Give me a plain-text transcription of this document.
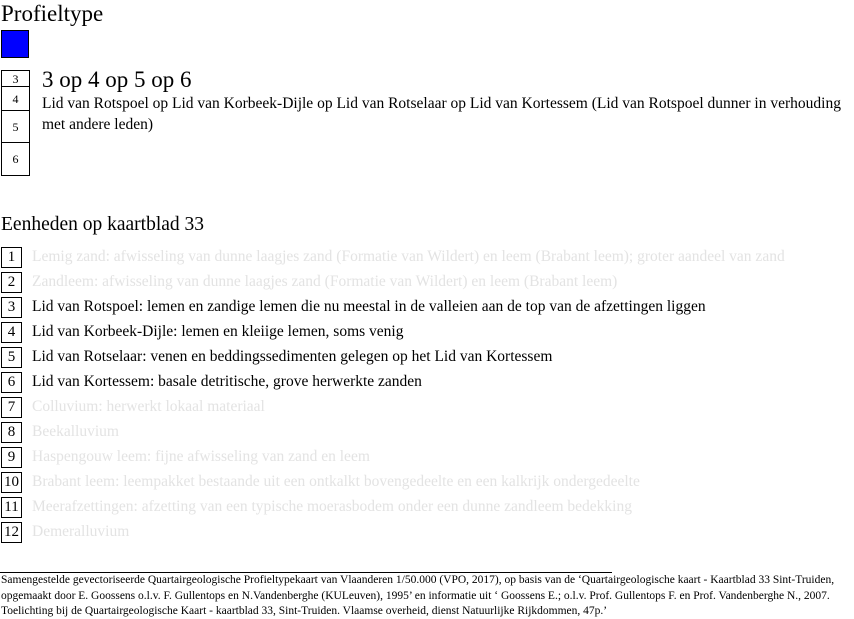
Profieltype
3
4
5
6
3 op 4 op 5 op 6
Lid van Rotspoel op Lid van Korbeek-Dijle op Lid van Rotselaar op Lid van Kortessem (Lid van Rotspoel dunner in verhouding met andere leden)
Eenheden op kaartblad 33
1	Lemig zand: afwisseling van dunne laagjes zand (Formatie van Wildert) en leem (Brabant leem); groter aandeel van zand
2	Zandleem: afwisseling van dunne laagjes zand (Formatie van Wildert) en leem (Brabant leem)
3	Lid van Rotspoel: lemen en zandige lemen die nu meestal in de valleien aan de top van de afzettingen liggen
4	Lid van Korbeek-Dijle: lemen en kleiige lemen, soms venig
5	Lid van Rotselaar: venen en beddingssedimenten gelegen op het Lid van Kortessem
6	Lid van Kortessem: basale detritische, grove herwerkte zanden
7	Colluvium: herwerkt lokaal materiaal
8	Beekalluvium
9	Haspengouw leem: fijne afwisseling van zand en leem
10 Brabant leem: leempakket bestaande uit een ontkalkt bovengedeelte en een kalkrijk ondergedeelte
11 Meerafzettingen: afzetting van een typische moerasbodem onder een dunne zandleem bedekking
12 Demeralluvium
Samengestelde gevectoriseerde Quartairgeologische Profieltypekaart van Vlaanderen 1/50.000 (VPO, 2017), op basis van de ‘Quartairgeologische kaart - Kaartblad 33 Sint-Truiden, opgemaakt door E. Goossens o.l.v. F. Gullentops en N.Vandenberghe (KULeuven), 1995’ en informatie uit ‘ Goossens E.; o.l.v. Prof. Gullentops F. en Prof. Vandenberghe N., 2007. Toelichting bij de Quartairgeologische Kaart - kaartblad 33, Sint-Truiden. Vlaamse overheid, dienst Natuurlijke Rijkdommen, 47p.’
